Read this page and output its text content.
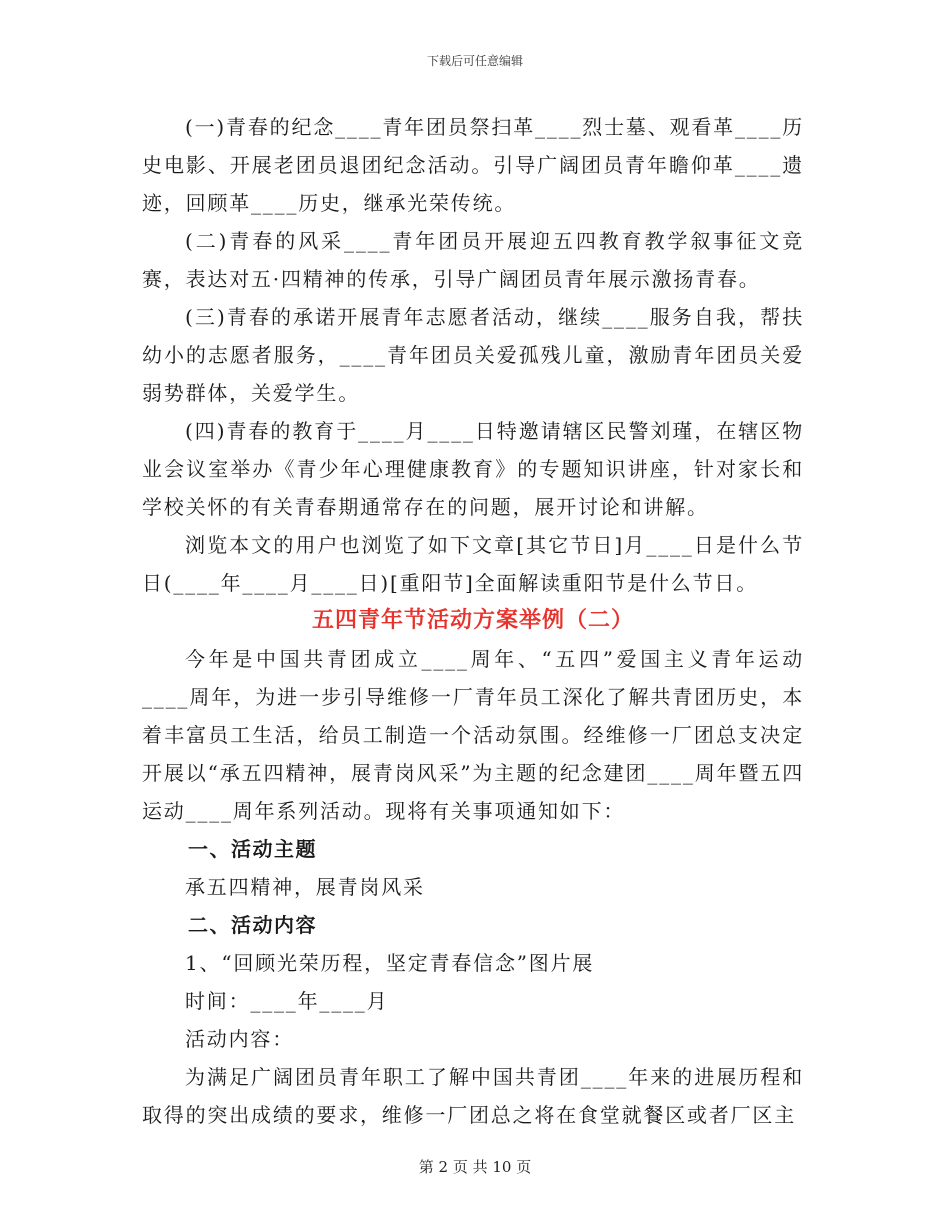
下载后可任意编辑

(一)青春的纪念____青年团员祭扫革____烈士墓、观看革____历史电影、开展老团员退团纪念活动。引导广阔团员青年瞻仰革____遗迹，回顾革____历史，继承光荣传统。

(二)青春的风采____青年团员开展迎五四教育教学叙事征文竞赛，表达对五·四精神的传承，引导广阔团员青年展示激扬青春。

(三)青春的承诺开展青年志愿者活动，继续____服务自我，帮扶幼小的志愿者服务，____青年团员关爱孤残儿童，激励青年团员关爱弱势群体，关爱学生。

(四)青春的教育于____月____日特邀请辖区民警刘瑾，在辖区物业会议室举办《青少年心理健康教育》的专题知识讲座，针对家长和学校关怀的有关青春期通常存在的问题，展开讨论和讲解。

浏览本文的用户也浏览了如下文章[其它节日]月____日是什么节日(____年____月____日)[重阳节]全面解读重阳节是什么节日。

五四青年节活动方案举例（二）

今年是中国共青团成立____周年、“五四”爱国主义青年运动____周年，为进一步引导维修一厂青年员工深化了解共青团历史，本着丰富员工生活，给员工制造一个活动氛围。经维修一厂团总支决定开展以“承五四精神，展青岗风采”为主题的纪念建团____周年暨五四运动____周年系列活动。现将有关事项通知如下：

一、活动主题

承五四精神，展青岗风采

二、活动内容

1、“回顾光荣历程，坚定青春信念”图片展

时间：____年____月

活动内容：

为满足广阔团员青年职工了解中国共青团____年来的进展历程和取得的突出成绩的要求，维修一厂团总之将在食堂就餐区或者厂区主

第 2 页 共 10 页
